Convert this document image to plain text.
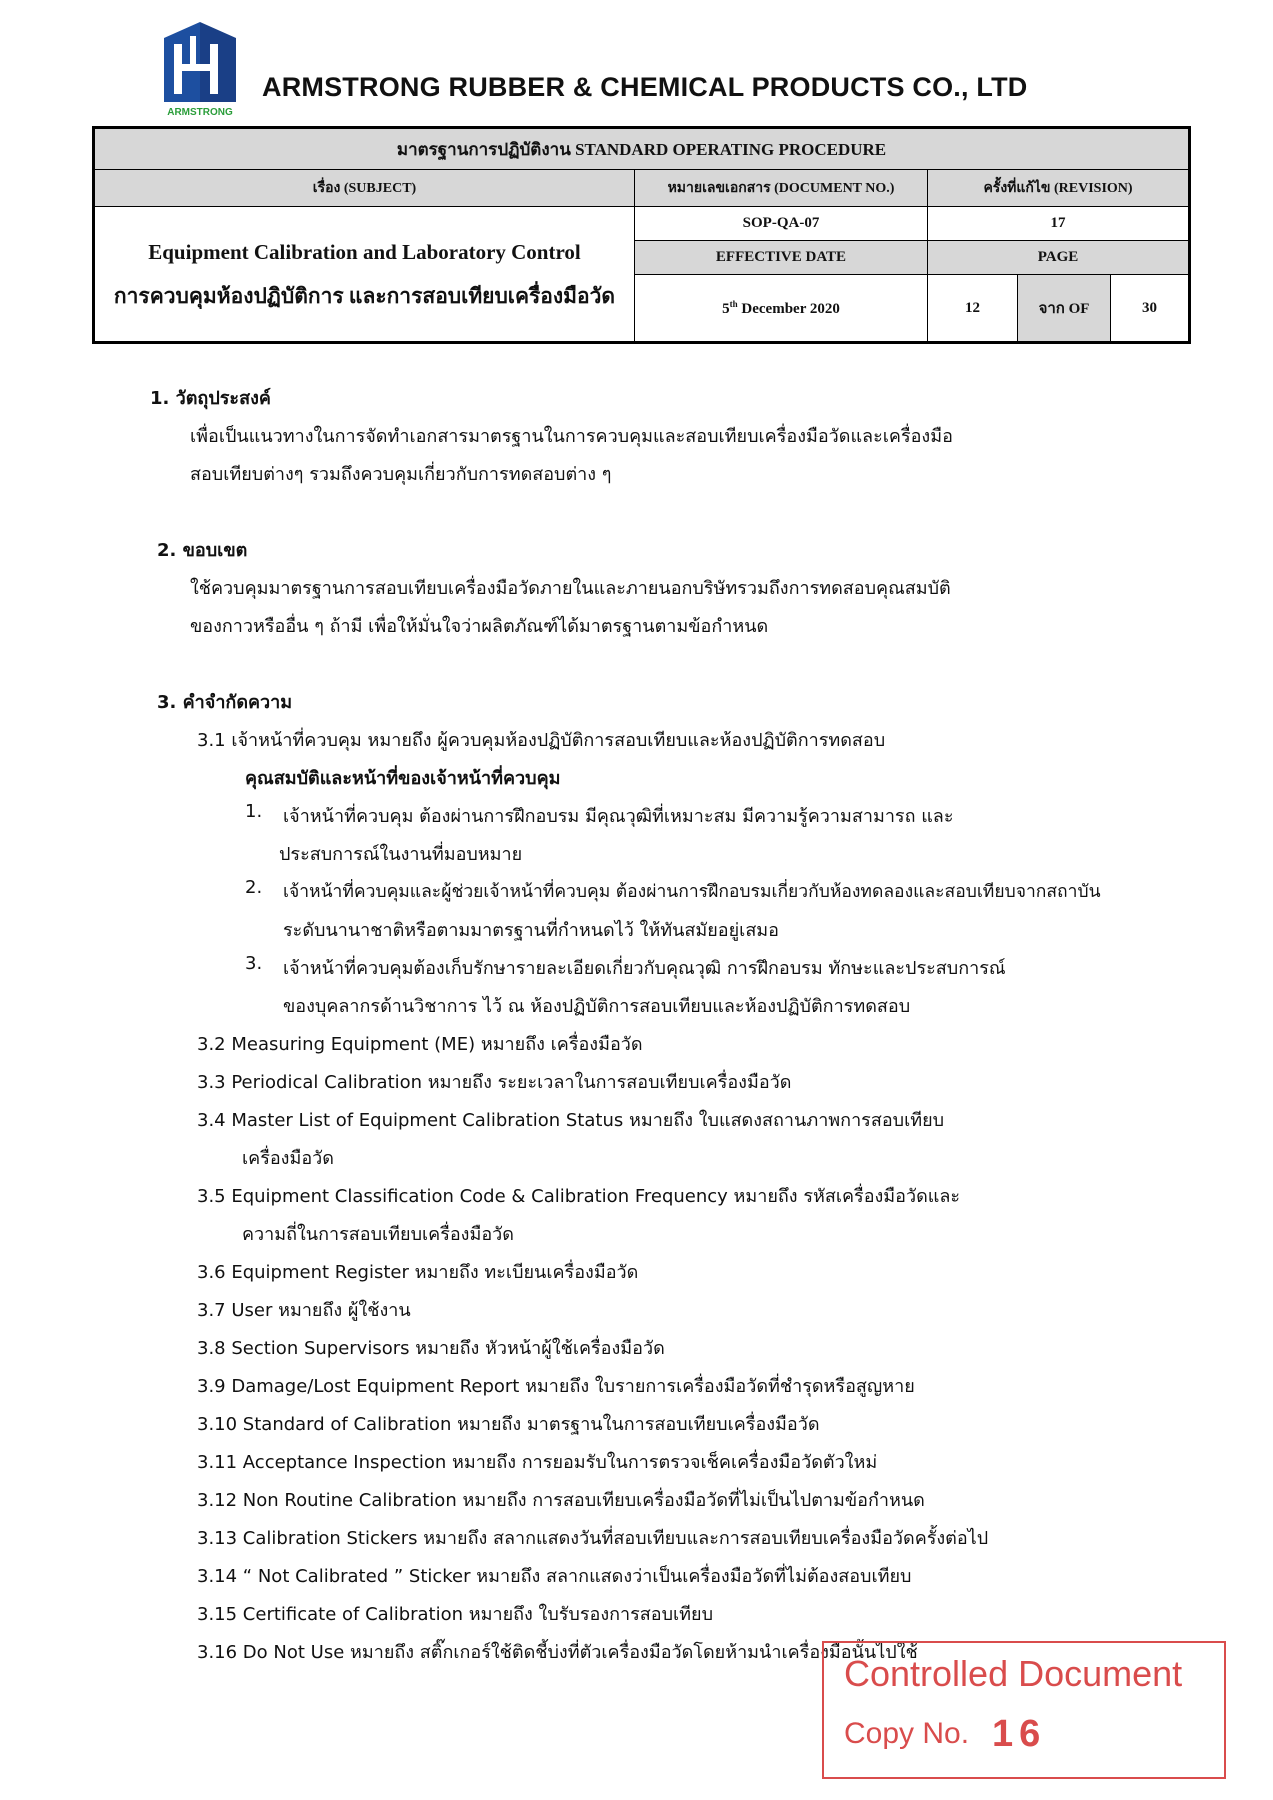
ARMSTRONG
ARMSTRONG RUBBER & CHEMICAL PRODUCTS CO., LTD
มาตรฐานการปฏิบัติงาน STANDARD OPERATING PROCEDURE				
เรื่อง (SUBJECT)	หมายเลขเอกสาร (DOCUMENT NO.)	ครั้งที่แก้ไข (REVISION)		

Equipment Calibration and Laboratory Control
การควบคุมห้องปฏิบัติการ และการสอบเทียบเครื่องมือวัด	SOP-QA-07	17		
	EFFECTIVE DATE	PAGE		
	5th December 2020	12	จาก OF	30
1. วัตถุประสงค์
เพื่อเป็นแนวทางในการจัดทำเอกสารมาตรฐานในการควบคุมและสอบเทียบเครื่องมือวัดและเครื่องมือ
สอบเทียบต่างๆ รวมถึงควบคุมเกี่ยวกับการทดสอบต่าง ๆ
2. ขอบเขต
ใช้ควบคุมมาตรฐานการสอบเทียบเครื่องมือวัดภายในและภายนอกบริษัทรวมถึงการทดสอบคุณสมบัติ
ของกาวหรืออื่น ๆ ถ้ามี เพื่อให้มั่นใจว่าผลิตภัณฑ์ได้มาตรฐานตามข้อกำหนด
3. คำจำกัดความ
3.1 เจ้าหน้าที่ควบคุม หมายถึง ผู้ควบคุมห้องปฏิบัติการสอบเทียบและห้องปฏิบัติการทดสอบ
คุณสมบัติและหน้าที่ของเจ้าหน้าที่ควบคุม
1. เจ้าหน้าที่ควบคุม ต้องผ่านการฝึกอบรม มีคุณวุฒิที่เหมาะสม มีความรู้ความสามารถ และ
ประสบการณ์ในงานที่มอบหมาย
2. เจ้าหน้าที่ควบคุมและผู้ช่วยเจ้าหน้าที่ควบคุม ต้องผ่านการฝึกอบรมเกี่ยวกับห้องทดลองและสอบเทียบจากสถาบัน
ระดับนานาชาติหรือตามมาตรฐานที่กำหนดไว้ ให้ทันสมัยอยู่เสมอ
3. เจ้าหน้าที่ควบคุมต้องเก็บรักษารายละเอียดเกี่ยวกับคุณวุฒิ การฝึกอบรม ทักษะและประสบการณ์
ของบุคลากรด้านวิชาการ ไว้ ณ ห้องปฏิบัติการสอบเทียบและห้องปฏิบัติการทดสอบ
3.2 Measuring Equipment (ME) หมายถึง เครื่องมือวัด
3.3 Periodical Calibration หมายถึง ระยะเวลาในการสอบเทียบเครื่องมือวัด
3.4 Master List of Equipment Calibration Status หมายถึง ใบแสดงสถานภาพการสอบเทียบ
เครื่องมือวัด
3.5 Equipment Classification Code & Calibration Frequency หมายถึง รหัสเครื่องมือวัดและ
ความถี่ในการสอบเทียบเครื่องมือวัด
3.6 Equipment Register หมายถึง ทะเบียนเครื่องมือวัด
3.7 User หมายถึง ผู้ใช้งาน
3.8 Section Supervisors หมายถึง หัวหน้าผู้ใช้เครื่องมือวัด
3.9 Damage/Lost Equipment Report หมายถึง ใบรายการเครื่องมือวัดที่ชำรุดหรือสูญหาย
3.10 Standard of Calibration หมายถึง มาตรฐานในการสอบเทียบเครื่องมือวัด
3.11 Acceptance Inspection หมายถึง การยอมรับในการตรวจเช็คเครื่องมือวัดตัวใหม่
3.12 Non Routine Calibration หมายถึง การสอบเทียบเครื่องมือวัดที่ไม่เป็นไปตามข้อกำหนด
3.13 Calibration Stickers หมายถึง สลากแสดงวันที่สอบเทียบและการสอบเทียบเครื่องมือวัดครั้งต่อไป
3.14 “ Not Calibrated ” Sticker หมายถึง สลากแสดงว่าเป็นเครื่องมือวัดที่ไม่ต้องสอบเทียบ
3.15 Certificate of Calibration หมายถึง ใบรับรองการสอบเทียบ
3.16 Do Not Use หมายถึง สติ๊กเกอร์ใช้ติดชี้บ่งที่ตัวเครื่องมือวัดโดยห้ามนำเครื่องมือนั้นไปใช้
Controlled Document
Copy No. 16
